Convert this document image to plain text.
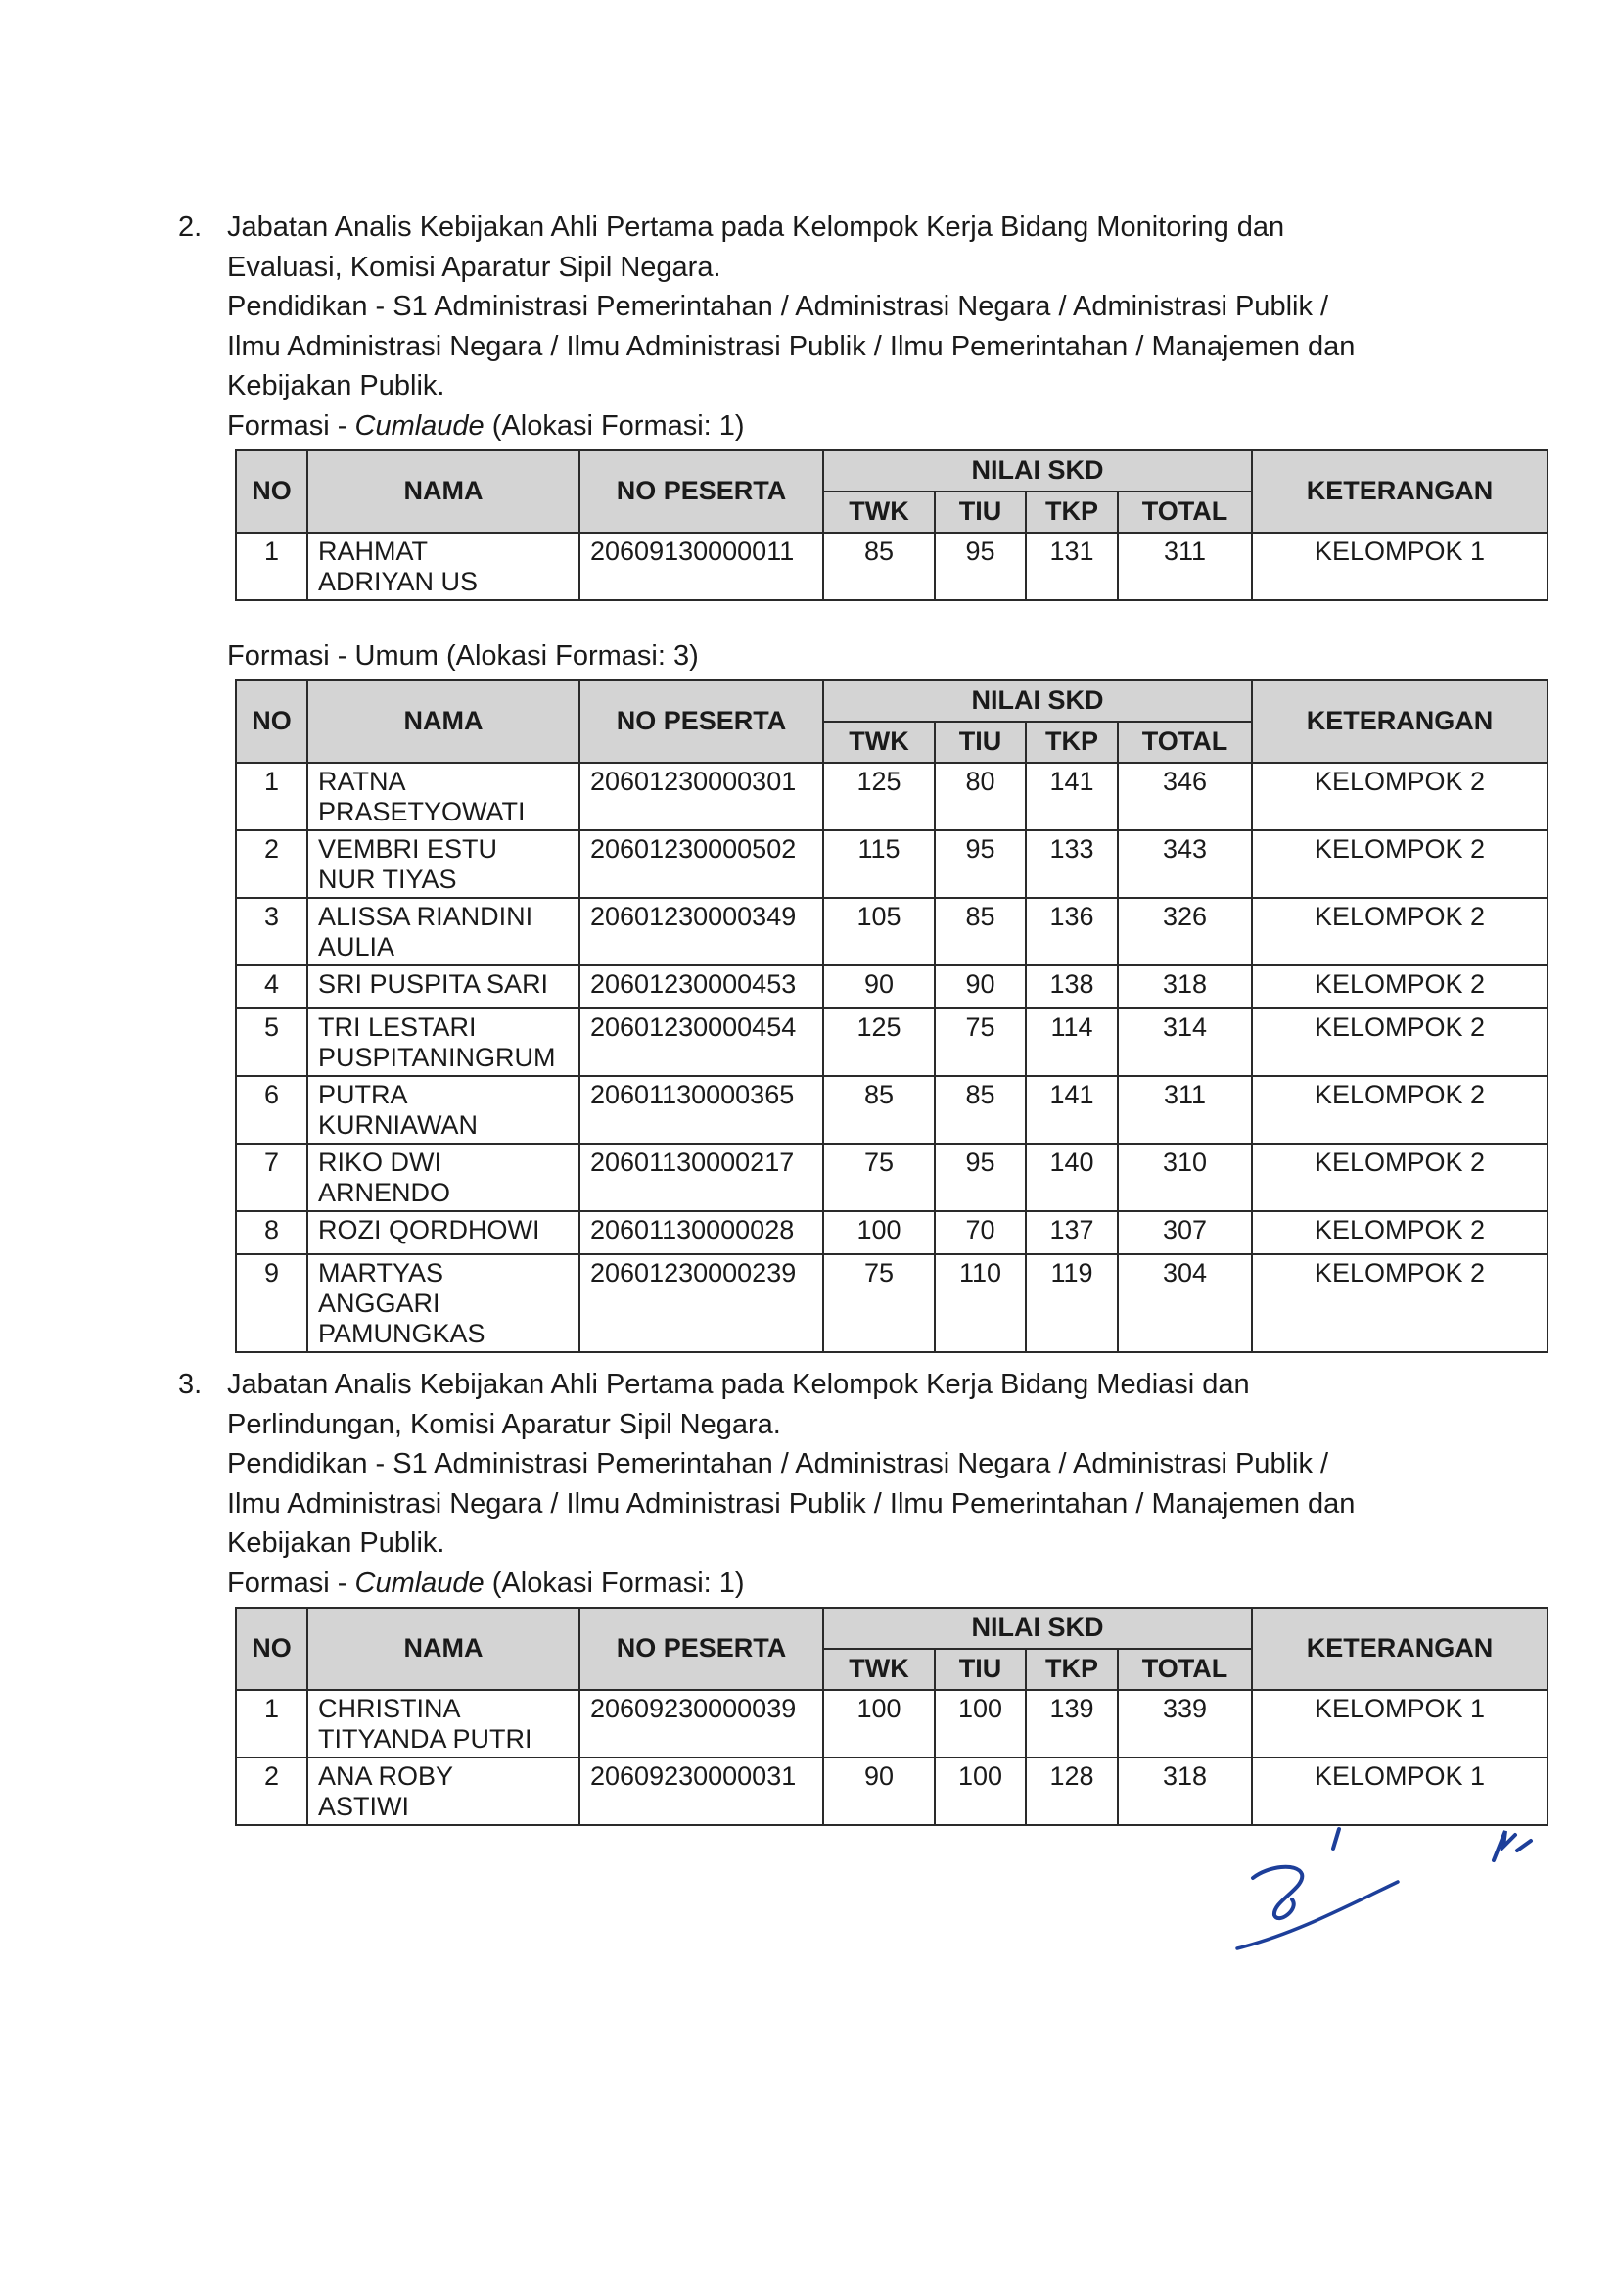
2. Jabatan Analis Kebijakan Ahli Pertama pada Kelompok Kerja Bidang Monitoring dan

Evaluasi, Komisi Aparatur Sipil Negara.

Pendidikan - S1 Administrasi Pemerintahan / Administrasi Negara / Administrasi Publik /

Ilmu Administrasi Negara / Ilmu Administrasi Publik / Ilmu Pemerintahan / Manajemen dan

Kebijakan Publik.

Formasi - Cumlaude (Alokasi Formasi: 1)
NO	NAMA	NO PESERTA	NILAI SKD				KETERANGAN
			TWK	TIU	TKP	TOTAL	
1	RAHMAT
ADRIYAN US	20609130000011	85	95	131	311	KELOMPOK 1
Formasi - Umum (Alokasi Formasi: 3)
NO	NAMA	NO PESERTA	NILAI SKD				KETERANGAN
			TWK	TIU	TKP	TOTAL	
1	RATNA
PRASETYOWATI	20601230000301	125	80	141	346	KELOMPOK 2
2	VEMBRI ESTU
NUR TIYAS	20601230000502	115	95	133	343	KELOMPOK 2
3	ALISSA RIANDINI
AULIA	20601230000349	105	85	136	326	KELOMPOK 2
4	SRI PUSPITA SARI	20601230000453	90	90	138	318	KELOMPOK 2
5	TRI LESTARI
PUSPITANINGRUM	20601230000454	125	75	114	314	KELOMPOK 2
6	PUTRA
KURNIAWAN	20601130000365	85	85	141	311	KELOMPOK 2
7	RIKO DWI
ARNENDO	20601130000217	75	95	140	310	KELOMPOK 2
8	ROZI QORDHOWI	20601130000028	100	70	137	307	KELOMPOK 2
9	MARTYAS
ANGGARI
PAMUNGKAS	20601230000239	75	110	119	304	KELOMPOK 2
3. Jabatan Analis Kebijakan Ahli Pertama pada Kelompok Kerja Bidang Mediasi dan

Perlindungan, Komisi Aparatur Sipil Negara.

Pendidikan - S1 Administrasi Pemerintahan / Administrasi Negara / Administrasi Publik /

Ilmu Administrasi Negara / Ilmu Administrasi Publik / Ilmu Pemerintahan / Manajemen dan

Kebijakan Publik.

Formasi - Cumlaude (Alokasi Formasi: 1)
NO	NAMA	NO PESERTA	NILAI SKD				KETERANGAN
			TWK	TIU	TKP	TOTAL	
1	CHRISTINA
TITYANDA PUTRI	20609230000039	100	100	139	339	KELOMPOK 1
2	ANA ROBY
ASTIWI	20609230000031	90	100	128	318	KELOMPOK 1
